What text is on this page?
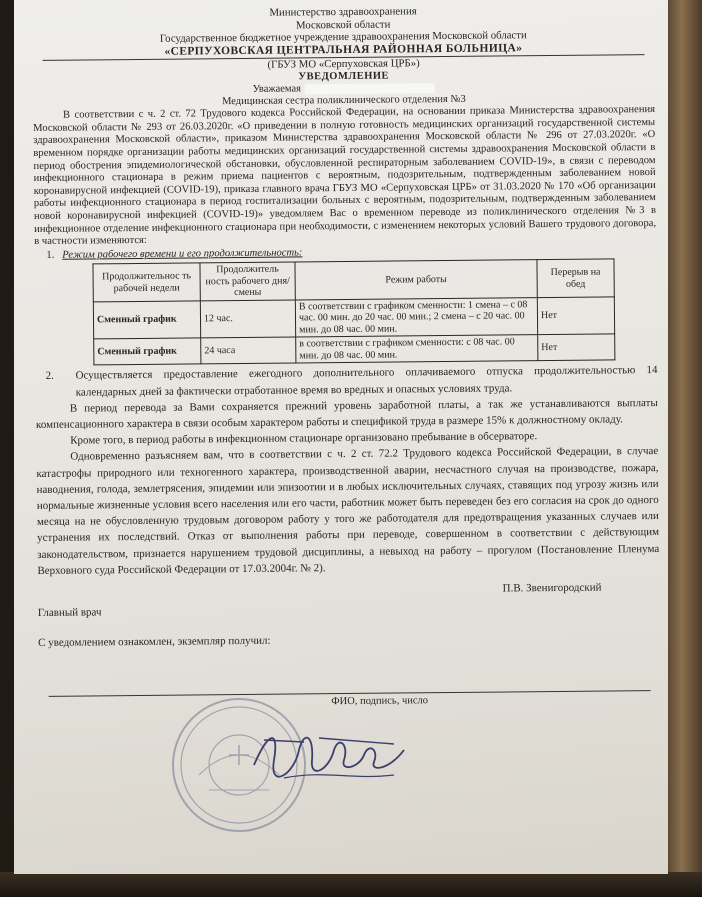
Министерство здравоохранения
Московской области
Государственное бюджетное учреждение здравоохранения Московской области
«СЕРПУХОВСКАЯ ЦЕНТРАЛЬНАЯ РАЙОННАЯ БОЛЬНИЦА»
(ГБУЗ МО «Серпуховская ЦРБ»)
УВЕДОМЛЕНИЕ
Уважаемая
Медицинская сестра поликлинического отделения №3

В соответствии с ч. 2 ст. 72 Трудового кодекса Российской Федерации, на основании приказа Министерства здравоохранения Московской области № 293 от 26.03.2020г. «О приведении в полную готовность медицинских организаций государственной системы здравоохранения Московской области», приказом Министерства здравоохранения Московской области № 296 от 27.03.2020г. «О временном порядке организации работы медицинских организаций государственной системы здравоохранения Московской области в период обострения эпидемиологической обстановки, обусловленной респираторным заболеванием COVID-19», в связи с переводом инфекционного стационара в режим приема пациентов с вероятным, подозрительным, подтвержденным заболеванием новой коронавирусной инфекцией (COVID-19), приказа главного врача ГБУЗ МО «Серпуховская ЦРБ» от 31.03.2020 № 170 «Об организации работы инфекционного стационара в период госпитализации больных с вероятным, подозрительным, подтвержденным заболеванием новой коронавирусной инфекцией (COVID-19)» уведомляем Вас о временном переводе из поликлинического отделения №3 в инфекционное отделение инфекционного стационара при необходимости, с изменением некоторых условий Вашего трудового договора, в частности изменяются:

1. Режим рабочего времени и его продолжительность:
Продолжительнос ть рабочей недели	Продолжитель ность рабочего дня/смены	Режим работы	Перерыв на обед
Сменный график	12 час.	В соответствии с графиком сменности: 1 смена – с 08 час. 00 мин. до 20 час. 00 мин.; 2 смена – с 20 час. 00 мин. до 08 час. 00 мин.	Нет
Сменный график	24 часа	в соответствии с графиком сменности: с 08 час. 00 мин. до 08 час. 00 мин.	Нет
2. Осуществляется предоставление ежегодного дополнительного оплачиваемого отпуска продолжительностью 14 календарных дней за фактически отработанное время во вредных и опасных условиях труда.

В период перевода за Вами сохраняется прежний уровень заработной платы, а так же устанавливаются выплаты компенсационного характера в связи особым характером работы и спецификой труда в размере 15% к должностному окладу.

Кроме того, в период работы в инфекционном стационаре организовано пребывание в обсерваторе.

Одновременно разъясняем вам, что в соответствии с ч. 2 ст. 72.2 Трудового кодекса Российской Федерации, в случае катастрофы природного или техногенного характера, производственной аварии, несчастного случая на производстве, пожара, наводнения, голода, землетрясения, эпидемии или эпизоотии и в любых исключительных случаях, ставящих под угрозу жизнь или нормальные жизненные условия всего населения или его части, работник может быть переведен без его согласия на срок до одного месяца на не обусловленную трудовым договором работу у того же работодателя для предотвращения указанных случаев или устранения их последствий. Отказ от выполнения работы при переводе, совершенном в соответствии с действующим законодательством, признается нарушением трудовой дисциплины, а невыход на работу – прогулом (Постановление Пленума Верховного суда Российской Федерации от 17.03.2004г. № 2).

Главный врач
П.В. Звенигородский
С уведомлением ознакомлен, экземпляр получил:
ФИО, подпись, число
